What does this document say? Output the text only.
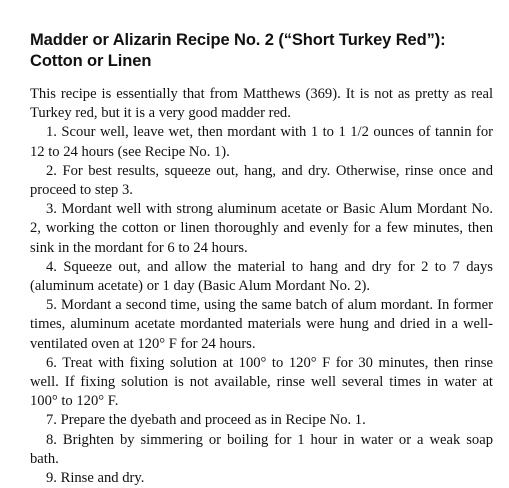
Madder or Alizarin Recipe No. 2 (“Short Turkey Red”):
Cotton or Linen

This recipe is essentially that from Matthews (369). It is not as pretty as real Turkey red, but it is a very good madder red.

1. Scour well, leave wet, then mordant with 1 to 1 1/2 ounces of tannin for 12 to 24 hours (see Recipe No. 1).

2. For best results, squeeze out, hang, and dry. Otherwise, rinse once and proceed to step 3.

3. Mordant well with strong aluminum acetate or Basic Alum Mordant No. 2, working the cotton or linen thoroughly and evenly for a few minutes, then sink in the mordant for 6 to 24 hours.

4. Squeeze out, and allow the material to hang and dry for 2 to 7 days (aluminum acetate) or 1 day (Basic Alum Mordant No. 2).

5. Mordant a second time, using the same batch of alum mordant. In former times, aluminum acetate mordanted materials were hung and dried in a well-ventilated oven at 120° F for 24 hours.

6. Treat with fixing solution at 100° to 120° F for 30 minutes, then rinse well. If fixing solution is not available, rinse well several times in water at 100° to 120° F.

7. Prepare the dyebath and proceed as in Recipe No. 1.

8. Brighten by simmering or boiling for 1 hour in water or a weak soap bath.

9. Rinse and dry.
